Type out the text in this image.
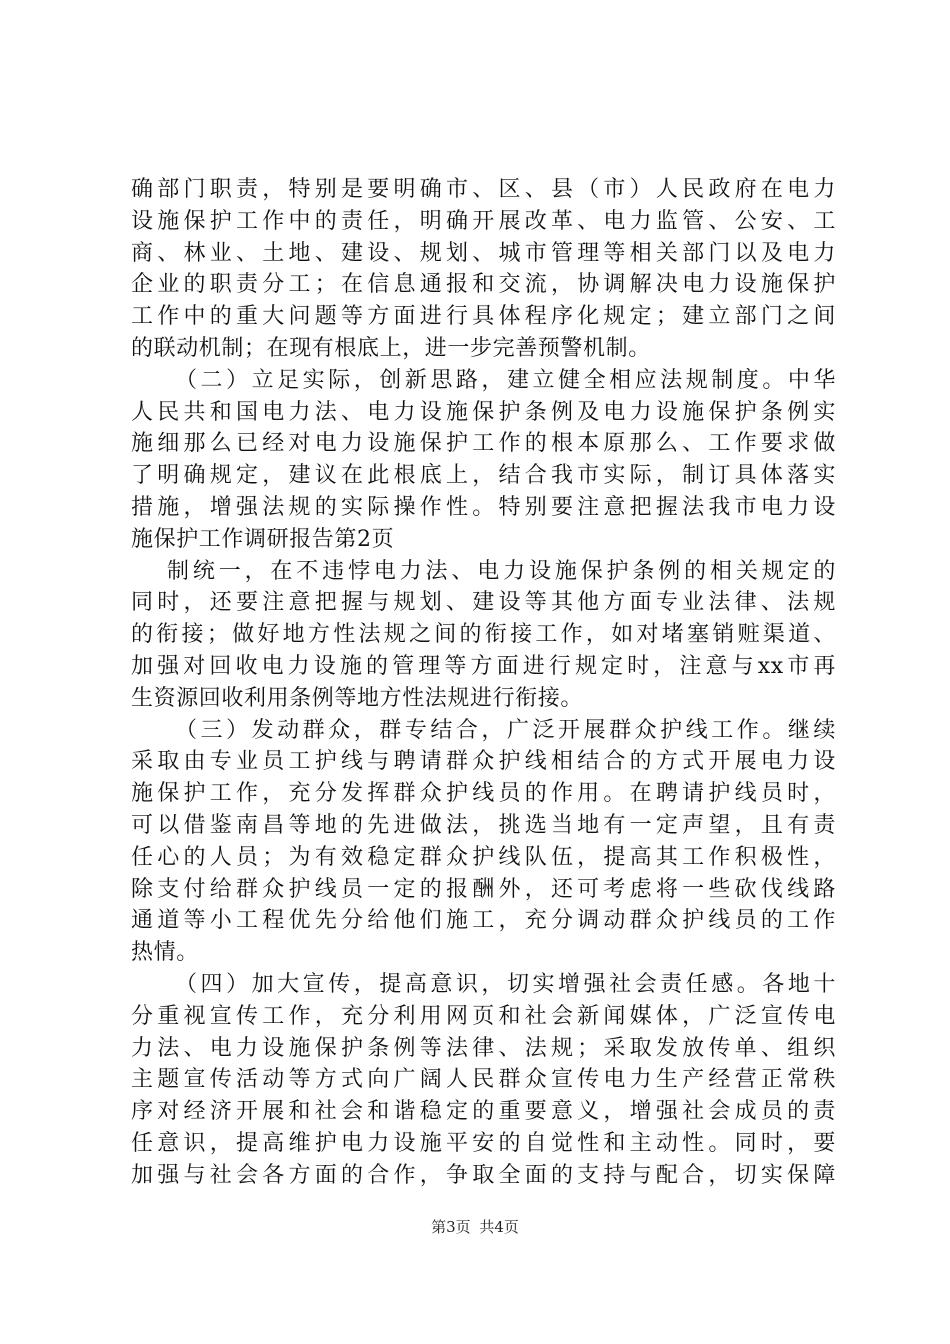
确部门职责，特别是要明确市、区、县（市）人民政府在电力
设施保护工作中的责任，明确开展改革、电力监管、公安、工
商、林业、土地、建设、规划、城市管理等相关部门以及电力
企业的职责分工；在信息通报和交流，协调解决电力设施保护
工作中的重大问题等方面进行具体程序化规定；建立部门之间
的联动机制；在现有根底上，进一步完善预警机制。
（二）立足实际，创新思路，建立健全相应法规制度。中华
人民共和国电力法、电力设施保护条例及电力设施保护条例实
施细那么已经对电力设施保护工作的根本原那么、工作要求做
了明确规定，建议在此根底上，结合我市实际，制订具体落实
措施，增强法规的实际操作性。特别要注意把握法我市电力设
施保护工作调研报告第2页
制统一，在不违悖电力法、电力设施保护条例的相关规定的
同时，还要注意把握与规划、建设等其他方面专业法律、法规
的衔接；做好地方性法规之间的衔接工作，如对堵塞销赃渠道、
加强对回收电力设施的管理等方面进行规定时，注意与xx市再
生资源回收利用条例等地方性法规进行衔接。
（三）发动群众，群专结合，广泛开展群众护线工作。继续
采取由专业员工护线与聘请群众护线相结合的方式开展电力设
施保护工作，充分发挥群众护线员的作用。在聘请护线员时，
可以借鉴南昌等地的先进做法，挑选当地有一定声望，且有责
任心的人员；为有效稳定群众护线队伍，提高其工作积极性，
除支付给群众护线员一定的报酬外，还可考虑将一些砍伐线路
通道等小工程优先分给他们施工，充分调动群众护线员的工作
热情。
（四）加大宣传，提高意识，切实增强社会责任感。各地十
分重视宣传工作，充分利用网页和社会新闻媒体，广泛宣传电
力法、电力设施保护条例等法律、法规；采取发放传单、组织
主题宣传活动等方式向广阔人民群众宣传电力生产经营正常秩
序对经济开展和社会和谐稳定的重要意义，增强社会成员的责
任意识，提高维护电力设施平安的自觉性和主动性。同时，要
加强与社会各方面的合作，争取全面的支持与配合，切实保障
第3页 共4页
